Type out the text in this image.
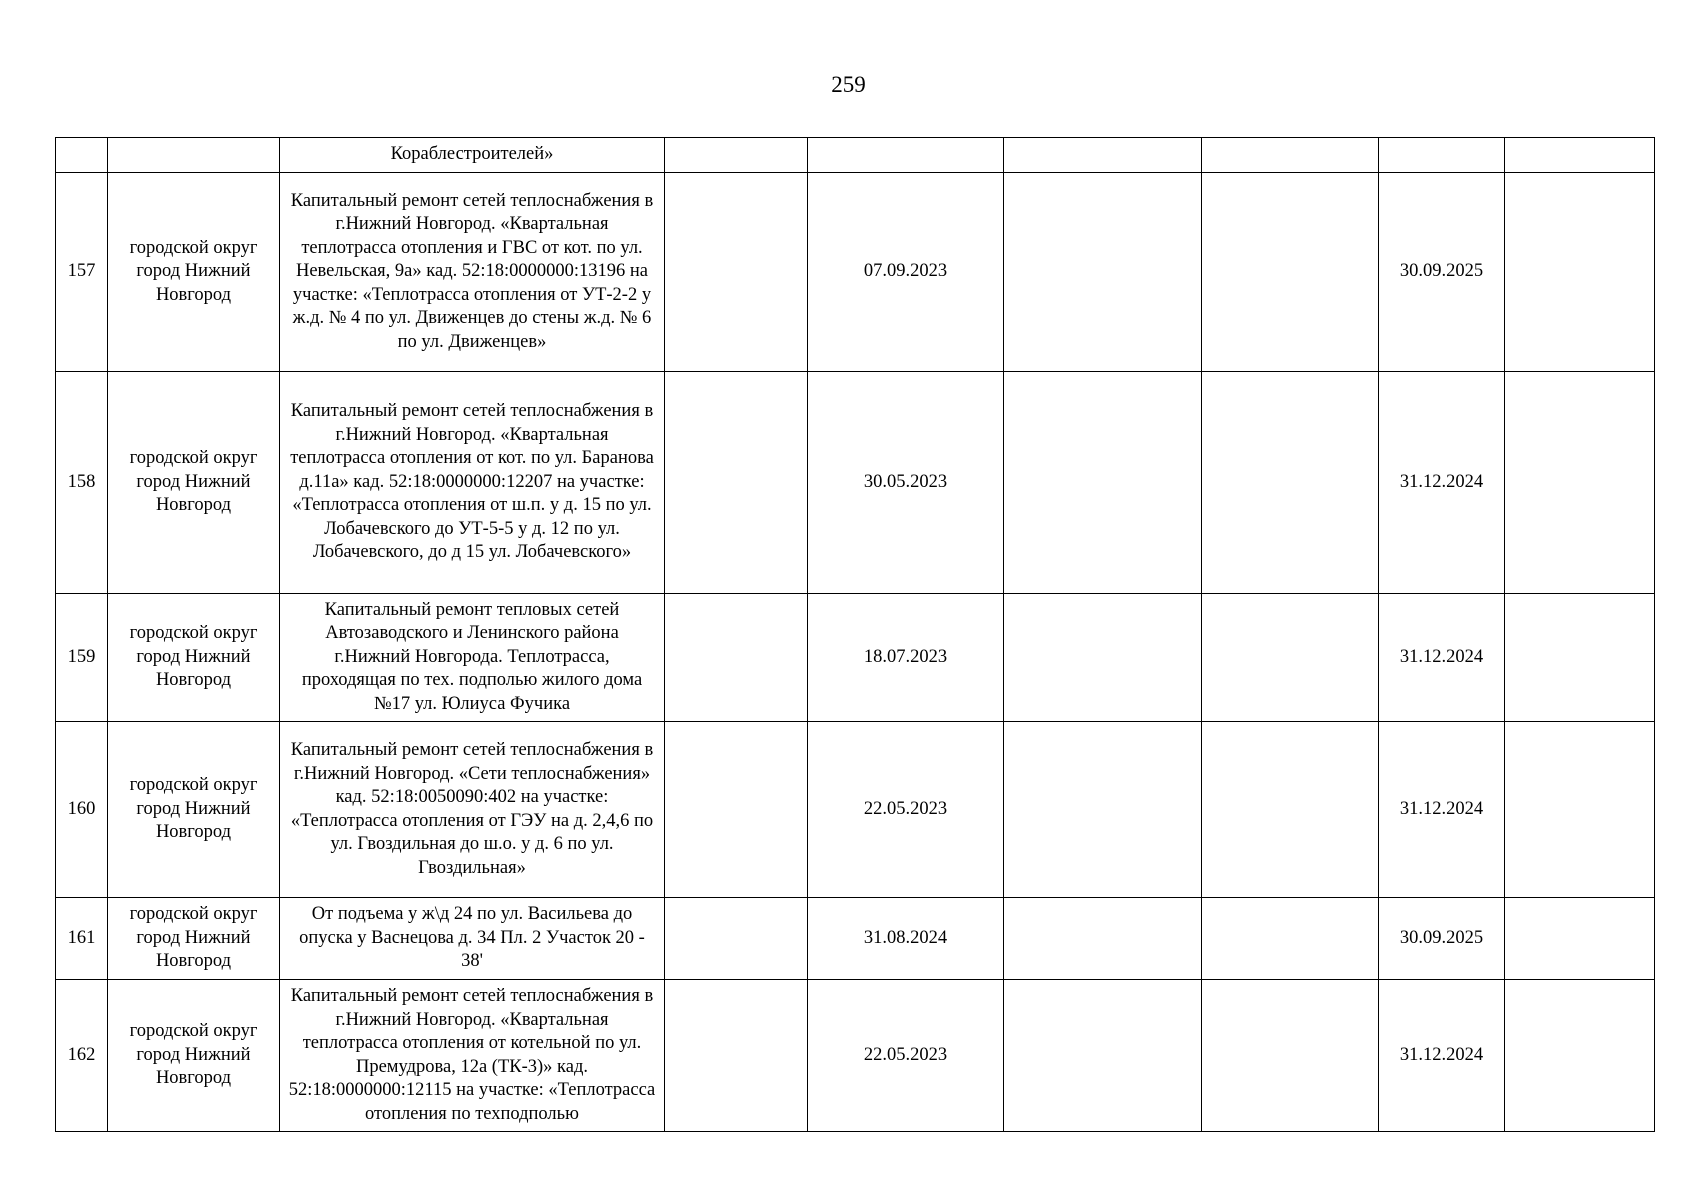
259
		Кораблестроителей»						
157	городской округ город Нижний Новгород	Капитальный ремонт сетей теплоснабжения в г.Нижний Новгород. «Квартальная теплотрасса отопления и ГВС от кот. по ул. Невельская, 9а» кад. 52:18:0000000:13196 на участке: «Теплотрасса отопления от УТ-2-2 у ж.д. № 4 по ул. Движенцев до стены ж.д. № 6 по ул. Движенцев»		07.09.2023			30.09.2025	
158	городской округ город Нижний Новгород	Капитальный ремонт сетей теплоснабжения в г.Нижний Новгород. «Квартальная теплотрасса отопления от кот. по ул. Баранова д.11а» кад. 52:18:0000000:12207 на участке: «Теплотрасса отопления от ш.п. у д. 15 по ул. Лобачевского до УТ-5-5 у д. 12 по ул. Лобачевского, до д 15 ул. Лобачевского»		30.05.2023			31.12.2024	
159	городской округ город Нижний Новгород	Капитальный ремонт тепловых сетей Автозаводского и Ленинского района г.Нижний Новгорода. Теплотрасса, проходящая по тех. подполью жилого дома №17 ул. Юлиуса Фучика		18.07.2023			31.12.2024	
160	городской округ город Нижний Новгород	Капитальный ремонт сетей теплоснабжения в г.Нижний Новгород. «Сети теплоснабжения» кад. 52:18:0050090:402 на участке: «Теплотрасса отопления от ГЭУ на д. 2,4,6 по ул. Гвоздильная до ш.о. у д. 6 по ул. Гвоздильная»		22.05.2023			31.12.2024	
161	городской округ город Нижний Новгород	От подъема у ж\д 24 по ул. Васильева до опуска у Васнецова д. 34 Пл. 2 Участок 20 - 38'		31.08.2024			30.09.2025	
162	городской округ город Нижний Новгород	Капитальный ремонт сетей теплоснабжения в г.Нижний Новгород. «Квартальная теплотрасса отопления от котельной по ул. Премудрова, 12а (ТК-3)» кад. 52:18:0000000:12115 на участке: «Теплотрасса отопления по техподполью		22.05.2023			31.12.2024	
